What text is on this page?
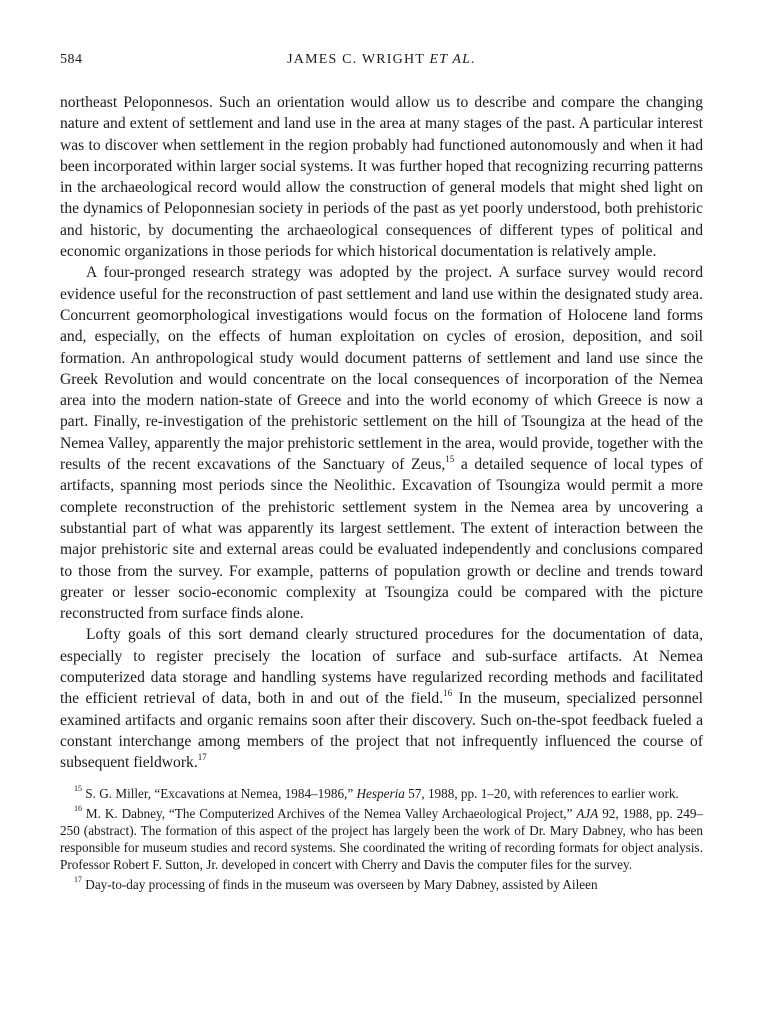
584	JAMES C. WRIGHT ET AL.

northeast Peloponnesos. Such an orientation would allow us to describe and compare the changing nature and extent of settlement and land use in the area at many stages of the past. A particular interest was to discover when settlement in the region probably had functioned autonomously and when it had been incorporated within larger social systems. It was further hoped that recognizing recurring patterns in the archaeological record would allow the construction of general models that might shed light on the dynamics of Peloponnesian society in periods of the past as yet poorly understood, both prehistoric and historic, by documenting the archaeological consequences of different types of political and economic organizations in those periods for which historical documentation is relatively ample.

A four-pronged research strategy was adopted by the project. A surface survey would record evidence useful for the reconstruction of past settlement and land use within the designated study area. Concurrent geomorphological investigations would focus on the formation of Holocene land forms and, especially, on the effects of human exploitation on cycles of erosion, deposition, and soil formation. An anthropological study would document patterns of settlement and land use since the Greek Revolution and would concentrate on the local consequences of incorporation of the Nemea area into the modern nation-state of Greece and into the world economy of which Greece is now a part. Finally, re-investigation of the prehistoric settlement on the hill of Tsoungiza at the head of the Nemea Valley, apparently the major prehistoric settlement in the area, would provide, together with the results of the recent excavations of the Sanctuary of Zeus,$^{15}$ a detailed sequence of local types of artifacts, spanning most periods since the Neolithic. Excavation of Tsoungiza would permit a more complete reconstruction of the prehistoric settlement system in the Nemea area by uncovering a substantial part of what was apparently its largest settlement. The extent of interaction between the major prehistoric site and external areas could be evaluated independently and conclusions compared to those from the survey. For example, patterns of population growth or decline and trends toward greater or lesser socio-economic complexity at Tsoungiza could be compared with the picture reconstructed from surface finds alone.

Lofty goals of this sort demand clearly structured procedures for the documentation of data, especially to register precisely the location of surface and sub-surface artifacts. At Nemea computerized data storage and handling systems have regularized recording methods and facilitated the efficient retrieval of data, both in and out of the field.$^{16}$ In the museum, specialized personnel examined artifacts and organic remains soon after their discovery. Such on-the-spot feedback fueled a constant interchange among members of the project that not infrequently influenced the course of subsequent fieldwork.$^{17}$

$^{15}$ S. G. Miller, “Excavations at Nemea, 1984–1986,” Hesperia 57, 1988, pp. 1–20, with references to earlier work.

$^{16}$ M. K. Dabney, “The Computerized Archives of the Nemea Valley Archaeological Project,” AJA 92, 1988, pp. 249–250 (abstract). The formation of this aspect of the project has largely been the work of Dr. Mary Dabney, who has been responsible for museum studies and record systems. She coordinated the writing of recording formats for object analysis. Professor Robert F. Sutton, Jr. developed in concert with Cherry and Davis the computer files for the survey.

$^{17}$ Day-to-day processing of finds in the museum was overseen by Mary Dabney, assisted by Aileen
